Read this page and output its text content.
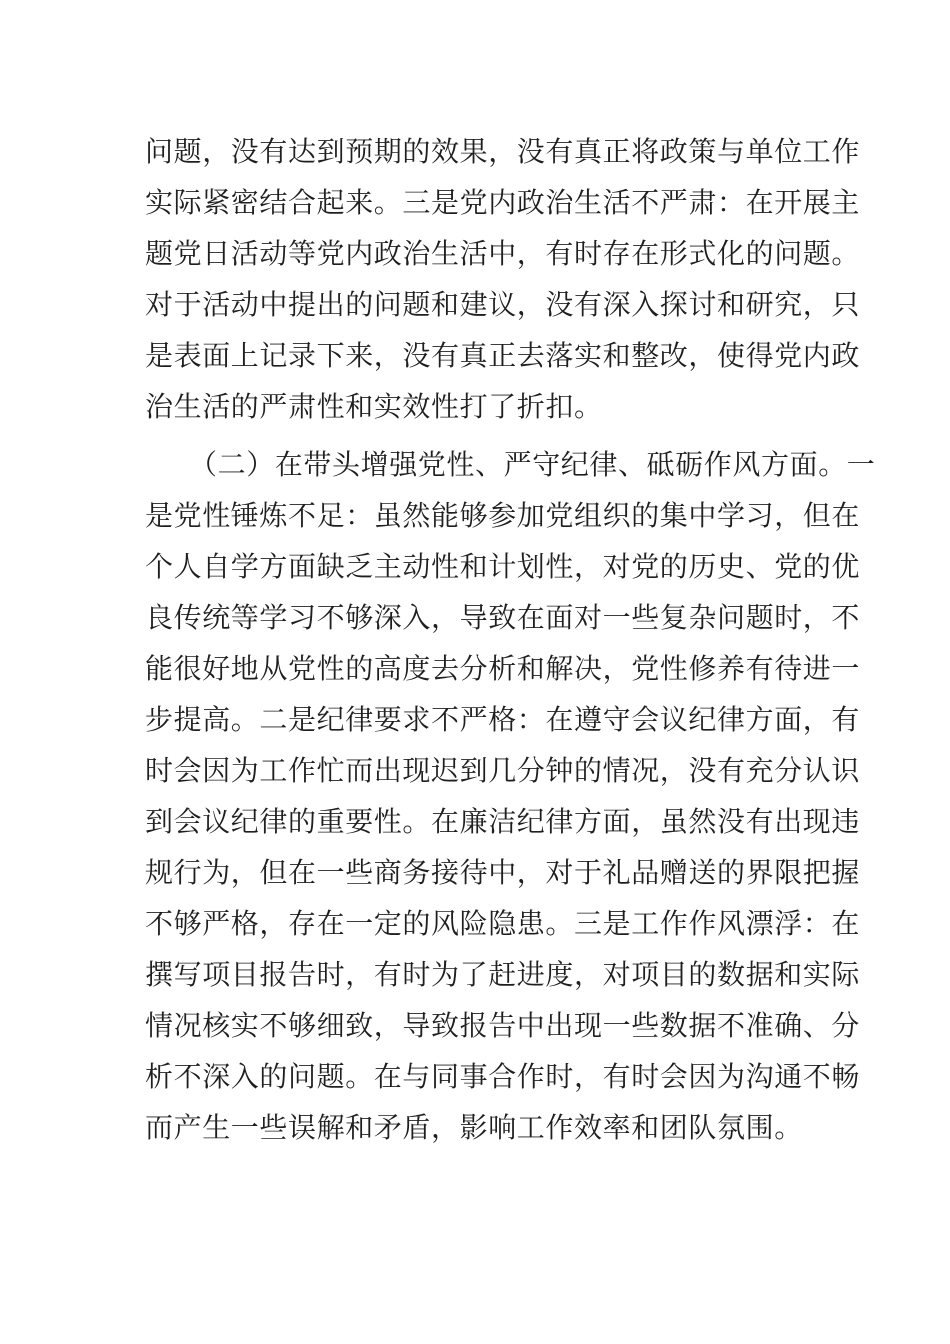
问题，没有达到预期的效果，没有真正将政策与单位工作
实际紧密结合起来。三是党内政治生活不严肃：在开展主
题党日活动等党内政治生活中，有时存在形式化的问题。
对于活动中提出的问题和建议，没有深入探讨和研究，只
是表面上记录下来，没有真正去落实和整改，使得党内政
治生活的严肃性和实效性打了折扣。
（二）在带头增强党性、严守纪律、砥砺作风方面。一
是党性锤炼不足：虽然能够参加党组织的集中学习，但在
个人自学方面缺乏主动性和计划性，对党的历史、党的优
良传统等学习不够深入，导致在面对一些复杂问题时，不
能很好地从党性的高度去分析和解决，党性修养有待进一
步提高。二是纪律要求不严格：在遵守会议纪律方面，有
时会因为工作忙而出现迟到几分钟的情况，没有充分认识
到会议纪律的重要性。在廉洁纪律方面，虽然没有出现违
规行为，但在一些商务接待中，对于礼品赠送的界限把握
不够严格，存在一定的风险隐患。三是工作作风漂浮：在
撰写项目报告时，有时为了赶进度，对项目的数据和实际
情况核实不够细致，导致报告中出现一些数据不准确、分
析不深入的问题。在与同事合作时，有时会因为沟通不畅
而产生一些误解和矛盾，影响工作效率和团队氛围。
